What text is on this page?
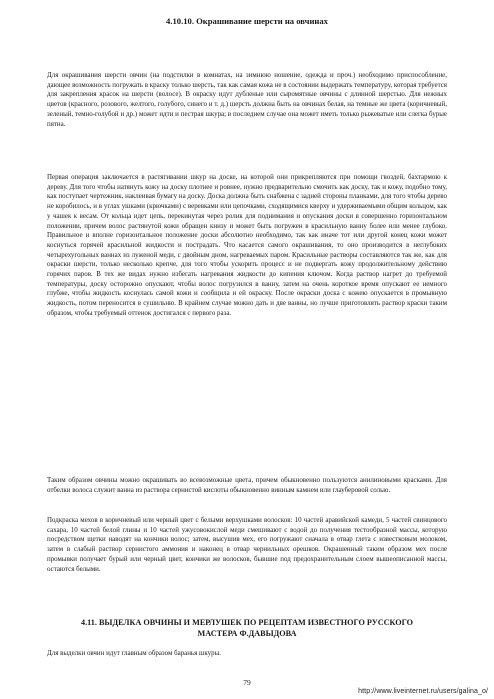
4.10.10. Окрашивание шерсти на овчинах

Для окрашивания шерсти овчин (на подстилки в комнатах, на зимнюю ношение, одежда и проч.) необходимо приспособление, дающее возможность погружать в краску только шерсть, так как самая кожа не в состоянии выдержать температуру, которая требуется для закрепления красок на шерсти (волосе). В окраску идут дубленые или сыромятные овчины с длинной шерстью. Для нежных цветов (красного, розового, желтого, голубого, синего и т. д.) шерсть должна быть на овчинах белая, на темные же цвета (коричневый, зеленый, темно-голубой и др.) может идти и пестрая шкура; в последнем случае она может иметь только рыжеватые или слегка бурые пятна.

Первая операция заключается в растягивании шкур на доске, на которой они прикрепляются при помощи гвоздей, бахтармою к дереву. Для того чтобы натянуть кожу на доску плотнее и ровнее, нужно предварительно смочить как доску, так и кожу, подобно тому, как поступает чертежник, наклеивая бумагу на доску. Доска должна быть снабжена с задней стороны планками, для того чтобы дерево не коробилось, и в углах ушками (крючками) с веревками или цепочками, сходящимися кверху и удерживаемыми общим кольцом, как у чашек к весам. От кольца идет цепь, перекинутая через ролик для поднимания и опускания доски в совершенно горизонтальном положении, причем волос растянутой кожи обращен книзу и может быть погружен в красильную ванну более или менее глубоко. Правильное и вполне горизонтальное положение доски абсолютно необходимо, так как иначе тот или другой конец кожи может коснуться горячей красильной жидкости и пострадать. Что касается самого окрашивания, то оно производится в неглубоких четырехугольных ваннах из луженой меди, с двойным дном, нагреваемых паром. Красильные растворы составляются так же, как для окраски шерсти, только несколько крепче, для того чтобы ускорить процесс и не подвергать кожу продолжительному действию горячих паров. В тех же видах нужно избегать нагревания жидкости до кипения ключом. Когда раствор нагрет до требуемой температуры, доску осторожно опускают, чтобы волос погрузился в ванну, затем на очень короткое время опускают ее немного глубже, чтобы жидкость коснулась самой кожи и сообщила и ей окраску. После окраски доска с кожею опускается в промывную жидкость, потом переносится в сушильню. В крайнем случае можно дать и две ванны, но лучше приготовлять раствор краски таким образом, чтобы требуемый оттенок достигался с первого раза.

Таким образом овчины можно окрашивать во всевозможные цвета, причем обыкновенно пользуются анилиновыми красками. Для отбелки волоса служит ванна из раствора сернистой кислоты обыкновенно винным камнем или глауберовой солью.

Подкраска мехов в коричневый или черный цвет с белыми верхушками волосков: 10 частей аравийской камеди, 5 частей свинцового сахара, 10 частей белой глины и 10 частей ужусовокислой меди смешивают с водой до получения тестообразной массы, которую посредством щетки наводят на кончики волос; затем, высушив мех, его погружают сначала в отвар глета с известковым молоком, затем в слабый раствор сернистого аммония и наконец в отвар чернильных орешков. Окрашенный таким образом мех после промывки получает бурый или черный цвет, кончики же волосков, бывшие под предохранительным слоем вышеописанной массы, остаются белыми.

4.11. ВЫДЕЛКА ОВЧИНЫ И МЕРЛУШЕК ПО РЕЦЕПТАМ ИЗВЕСТНОГО РУССКОГО МАСТЕРА Ф.ДАВЫДОВА

Для выделки овчин идут главным образом баранья шкуры.

79
http://www.liveinternet.ru/users/galina_o/
